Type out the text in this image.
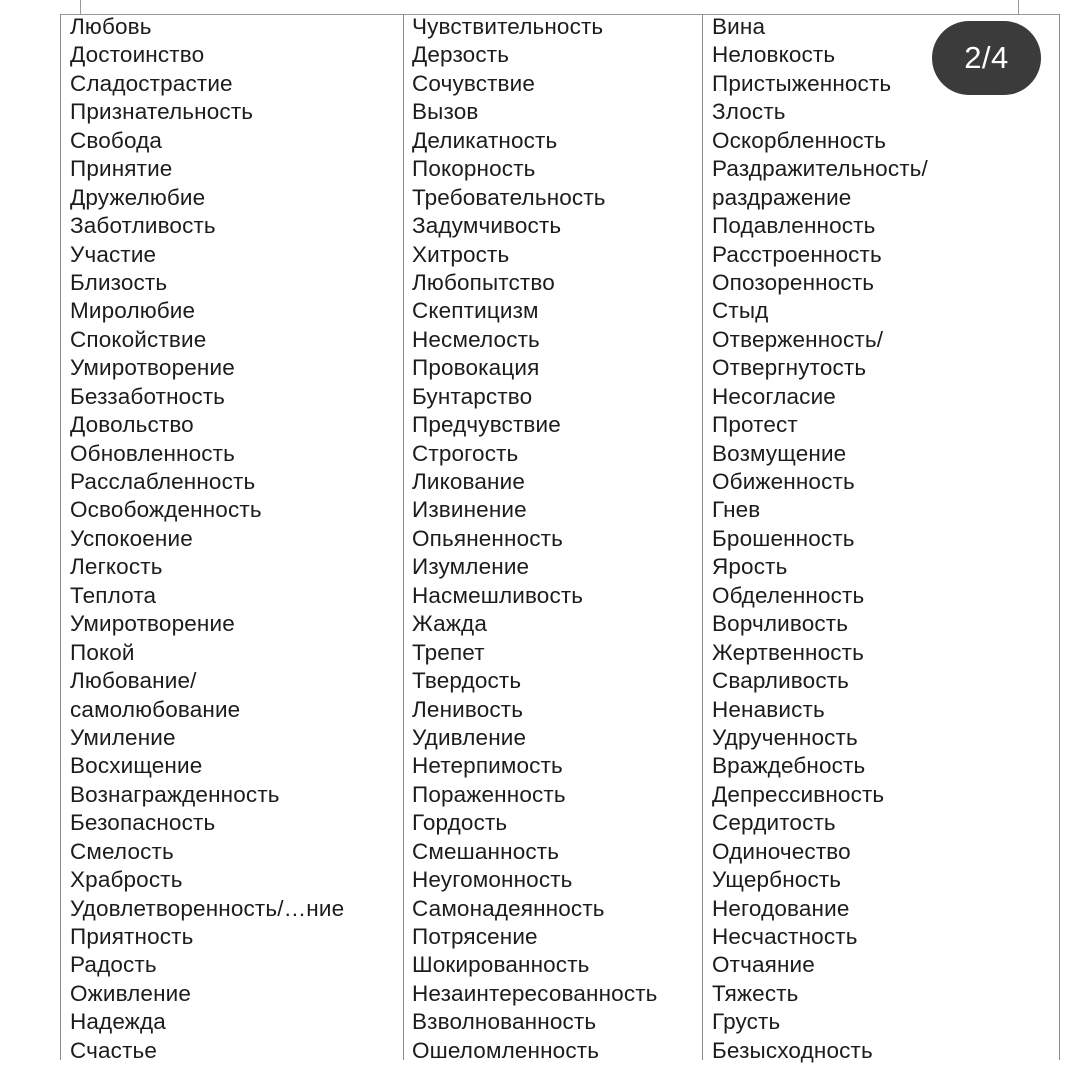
Любовь
Достоинство
Сладострастие
Признательность
Свобода
Принятие
Дружелюбие
Заботливость
Участие
Близость
Миролюбие
Спокойствие
Умиротворение
Беззаботность
Довольство
Обновленность
Расслабленность
Освобожденность
Успокоение
Легкость
Теплота
Умиротворение
Покой
Любование/
самолюбование
Умиление
Восхищение
Вознагражденность
Безопасность
Смелость
Храбрость
Удовлетворенность/…ние
Приятность
Радость
Оживление
Надежда
Счастье
Чувствительность
Дерзость
Сочувствие
Вызов
Деликатность
Покорность
Требовательность
Задумчивость
Хитрость
Любопытство
Скептицизм
Несмелость
Провокация
Бунтарство
Предчувствие
Строгость
Ликование
Извинение
Опьяненность
Изумление
Насмешливость
Жажда
Трепет
Твердость
Ленивость
Удивление
Нетерпимость
Пораженность
Гордость
Смешанность
Неугомонность
Самонадеянность
Потрясение
Шокированность
Незаинтересованность
Взволнованность
Ошеломленность
Вина
Неловкость
Пристыженность
Злость
Оскорбленность
Раздражительность/
раздражение
Подавленность
Расстроенность
Опозоренность
Стыд
Отверженность/
Отвергнутость
Несогласие
Протест
Возмущение
Обиженность
Гнев
Брошенность
Ярость
Обделенность
Ворчливость
Жертвенность
Сварливость
Ненависть
Удрученность
Враждебность
Депрессивность
Сердитость
Одиночество
Ущербность
Негодование
Несчастность
Отчаяние
Тяжесть
Грусть
Безысходность
2/4
